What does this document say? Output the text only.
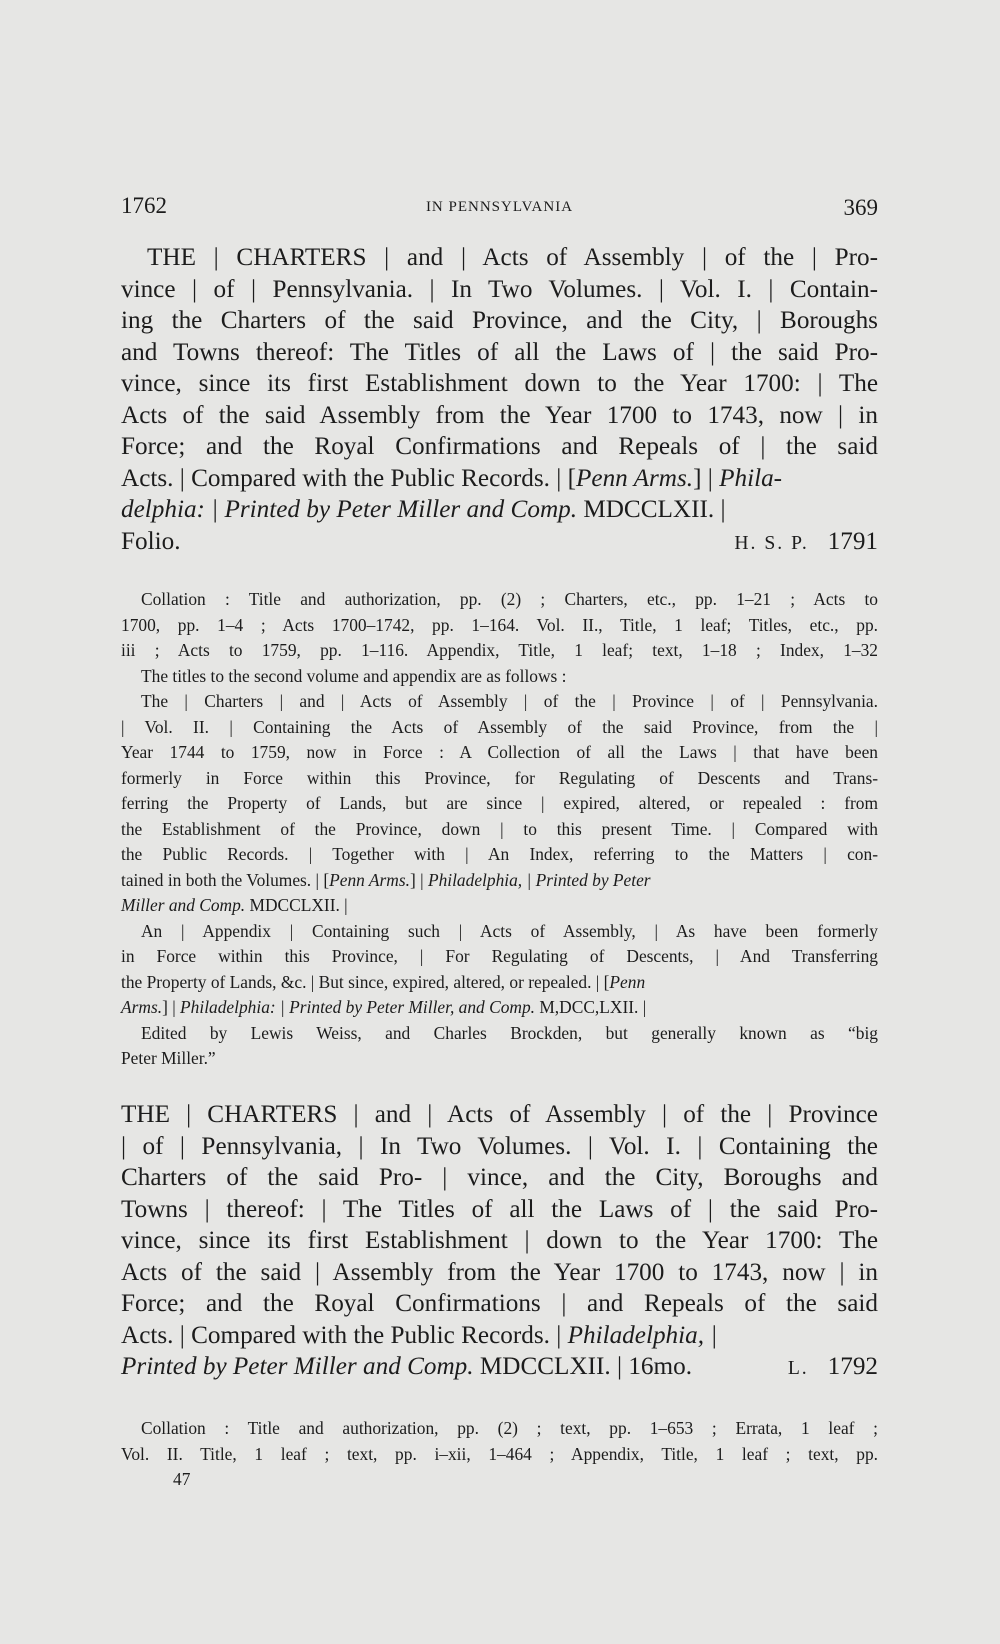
1762	IN PENNSYLVANIA	369
THE | CHARTERS | and | Acts of Assembly | of the | Pro-
vince | of | Pennsylvania. | In Two Volumes. | Vol. I. | Contain-
ing the Charters of the said Province, and the City, | Boroughs
and Towns thereof: The Titles of all the Laws of | the said Pro-
vince, since its first Establishment down to the Year 1700: | The
Acts of the said Assembly from the Year 1700 to 1743, now | in
Force; and the Royal Confirmations and Repeals of | the said
Acts. | Compared with the Public Records. | [Penn Arms.] | Phila-
delphia: | Printed by Peter Miller and Comp. MDCCLXII. |
Folio.	H. S. P. 1791
Collation : Title and authorization, pp. (2) ; Charters, etc., pp. 1–21 ; Acts to
1700, pp. 1–4 ; Acts 1700–1742, pp. 1–164. Vol. II., Title, 1 leaf; Titles, etc., pp.
iii ; Acts to 1759, pp. 1–116. Appendix, Title, 1 leaf; text, 1–18 ; Index, 1–32
The titles to the second volume and appendix are as follows :
The | Charters | and | Acts of Assembly | of the | Province | of | Pennsylvania.
| Vol. II. | Containing the Acts of Assembly of the said Province, from the |
Year 1744 to 1759, now in Force : A Collection of all the Laws | that have been
formerly in Force within this Province, for Regulating of Descents and Trans-
ferring the Property of Lands, but are since | expired, altered, or repealed : from
the Establishment of the Province, down | to this present Time. | Compared with
the Public Records. | Together with | An Index, referring to the Matters | con-
tained in both the Volumes. | [Penn Arms.] | Philadelphia, | Printed by Peter
Miller and Comp. MDCCLXII. |
An | Appendix | Containing such | Acts of Assembly, | As have been formerly
in Force within this Province, | For Regulating of Descents, | And Transferring
the Property of Lands, &c. | But since, expired, altered, or repealed. | [Penn
Arms.] | Philadelphia: | Printed by Peter Miller, and Comp. M,DCC,LXII. |
Edited by Lewis Weiss, and Charles Brockden, but generally known as “big
Peter Miller.”
THE | CHARTERS | and | Acts of Assembly | of the | Province
| of | Pennsylvania, | In Two Volumes. | Vol. I. | Containing the
Charters of the said Pro- | vince, and the City, Boroughs and
Towns | thereof: | The Titles of all the Laws of | the said Pro-
vince, since its first Establishment | down to the Year 1700: The
Acts of the said | Assembly from the Year 1700 to 1743, now | in
Force; and the Royal Confirmations | and Repeals of the said
Acts. | Compared with the Public Records. | Philadelphia, |
Printed by Peter Miller and Comp. MDCCLXII. | 16mo.	L. 1792
Collation : Title and authorization, pp. (2) ; text, pp. 1–653 ; Errata, 1 leaf ;
Vol. II. Title, 1 leaf ; text, pp. i–xii, 1–464 ; Appendix, Title, 1 leaf ; text, pp.
47
